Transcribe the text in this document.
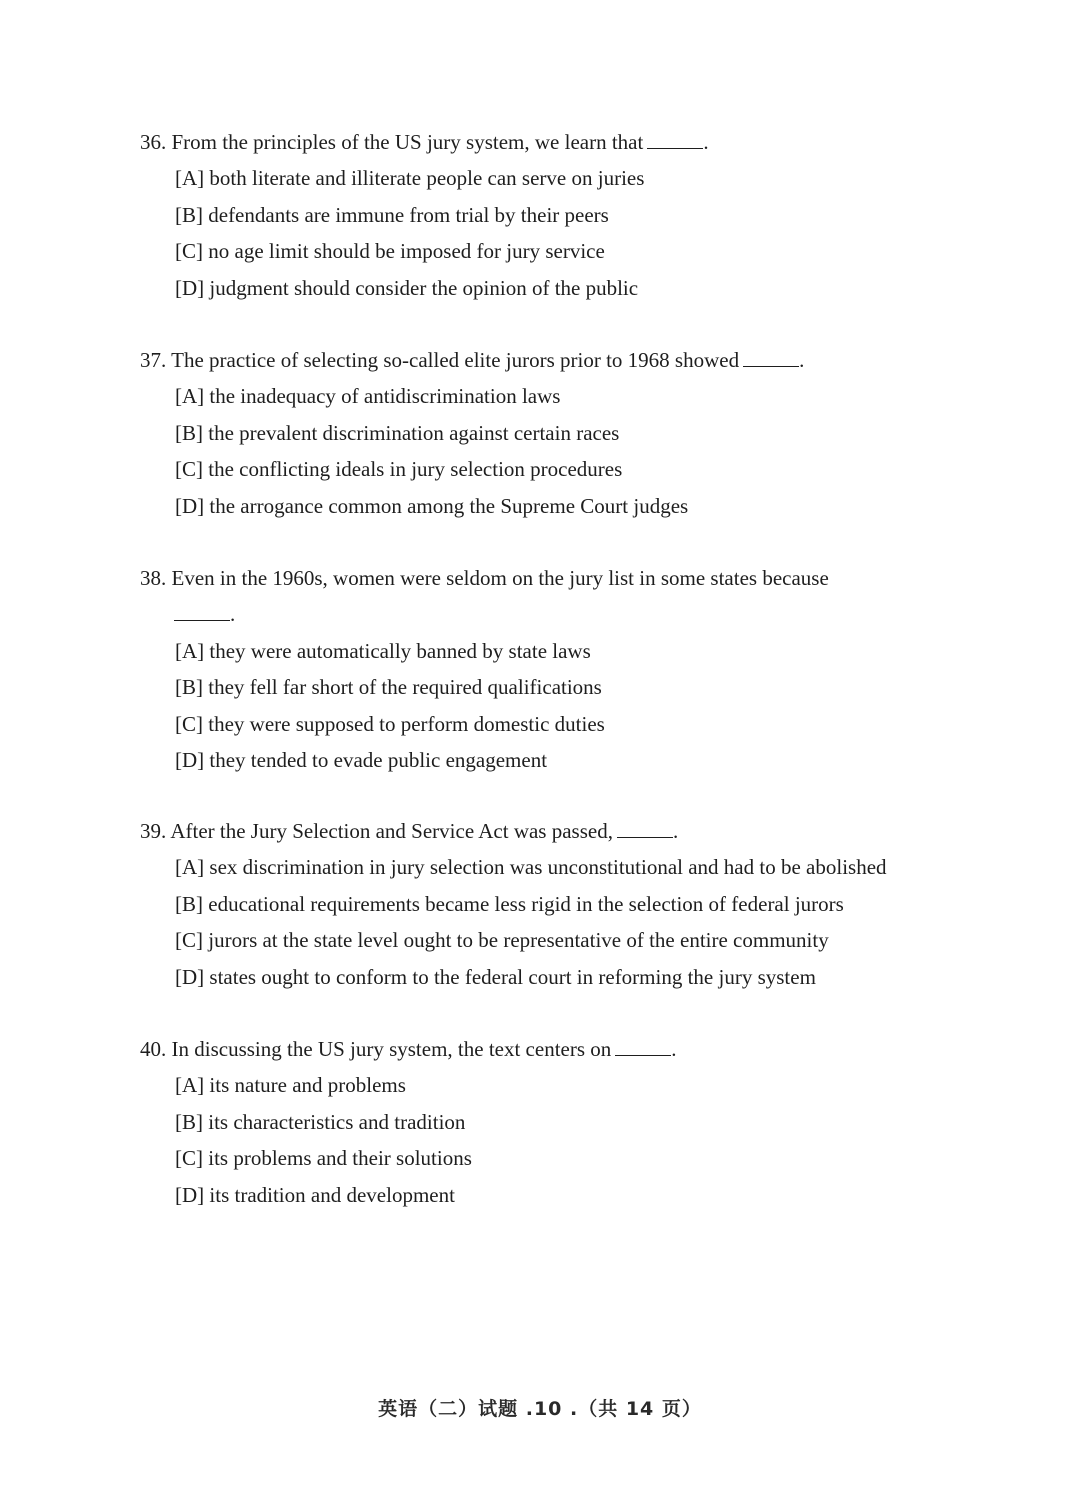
36. From the principles of the US jury system, we learn that	.

[A] both literate and illiterate people can serve on juries
[B] defendants are immune from trial by their peers
[C] no age limit should be imposed for jury service
[D] judgment should consider the opinion of the public

37. The practice of selecting so-called elite jurors prior to 1968 showed	.

[A] the inadequacy of antidiscrimination laws
[B] the prevalent discrimination against certain races
[C] the conflicting ideals in jury selection procedures
[D] the arrogance common among the Supreme Court judges

38. Even in the 1960s, women were seldom on the jury list in some states because
.

[A] they were automatically banned by state laws
[B] they fell far short of the required qualifications
[C] they were supposed to perform domestic duties
[D] they tended to evade public engagement

39. After the Jury Selection and Service Act was passed,	.

[A] sex discrimination in jury selection was unconstitutional and had to be abolished
[B] educational requirements became less rigid in the selection of federal jurors
[C] jurors at the state level ought to be representative of the entire community
[D] states ought to conform to the federal court in reforming the jury system

40. In discussing the US jury system, the text centers on	.

[A] its nature and problems
[B] its characteristics and tradition
[C] its problems and their solutions
[D] its tradition and development
英语（二）试题 .10 .（共 14 页）
